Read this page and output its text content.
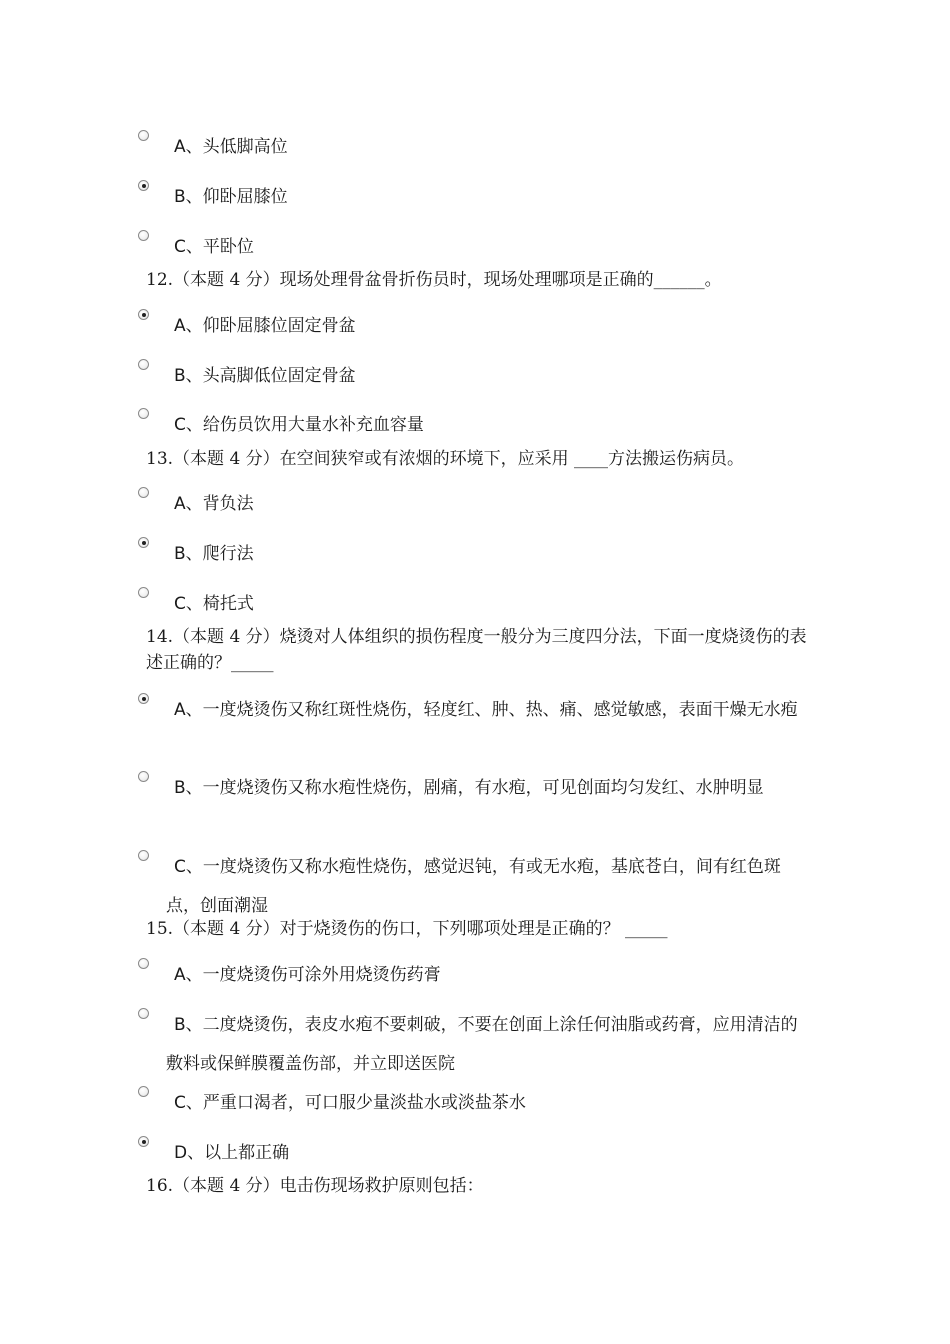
A、头低脚高位
B、仰卧屈膝位
C、平卧位
12.（本题 4 分）现场处理骨盆骨折伤员时，现场处理哪项是正确的______。
A、仰卧屈膝位固定骨盆
B、头高脚低位固定骨盆
C、给伤员饮用大量水补充血容量
13.（本题 4 分）在空间狭窄或有浓烟的环境下，应采用 ____方法搬运伤病员。
A、背负法
B、爬行法
C、椅托式
14.（本题 4 分）烧烫对人体组织的损伤程度一般分为三度四分法，下面一度烧烫伤的表述正确的？_____
A、一度烧烫伤又称红斑性烧伤，轻度红、肿、热、痛、感觉敏感，表面干燥无水疱
B、一度烧烫伤又称水疱性烧伤，剧痛，有水疱，可见创面均匀发红、水肿明显
C、一度烧烫伤又称水疱性烧伤，感觉迟钝，有或无水疱，基底苍白，间有红色斑点，创面潮湿
15.（本题 4 分）对于烧烫伤的伤口，下列哪项处理是正确的？ _____
A、一度烧烫伤可涂外用烧烫伤药膏
B、二度烧烫伤，表皮水疱不要刺破，不要在创面上涂任何油脂或药膏，应用清洁的敷料或保鲜膜覆盖伤部，并立即送医院
C、严重口渴者，可口服少量淡盐水或淡盐茶水
D、以上都正确
16.（本题 4 分）电击伤现场救护原则包括：
